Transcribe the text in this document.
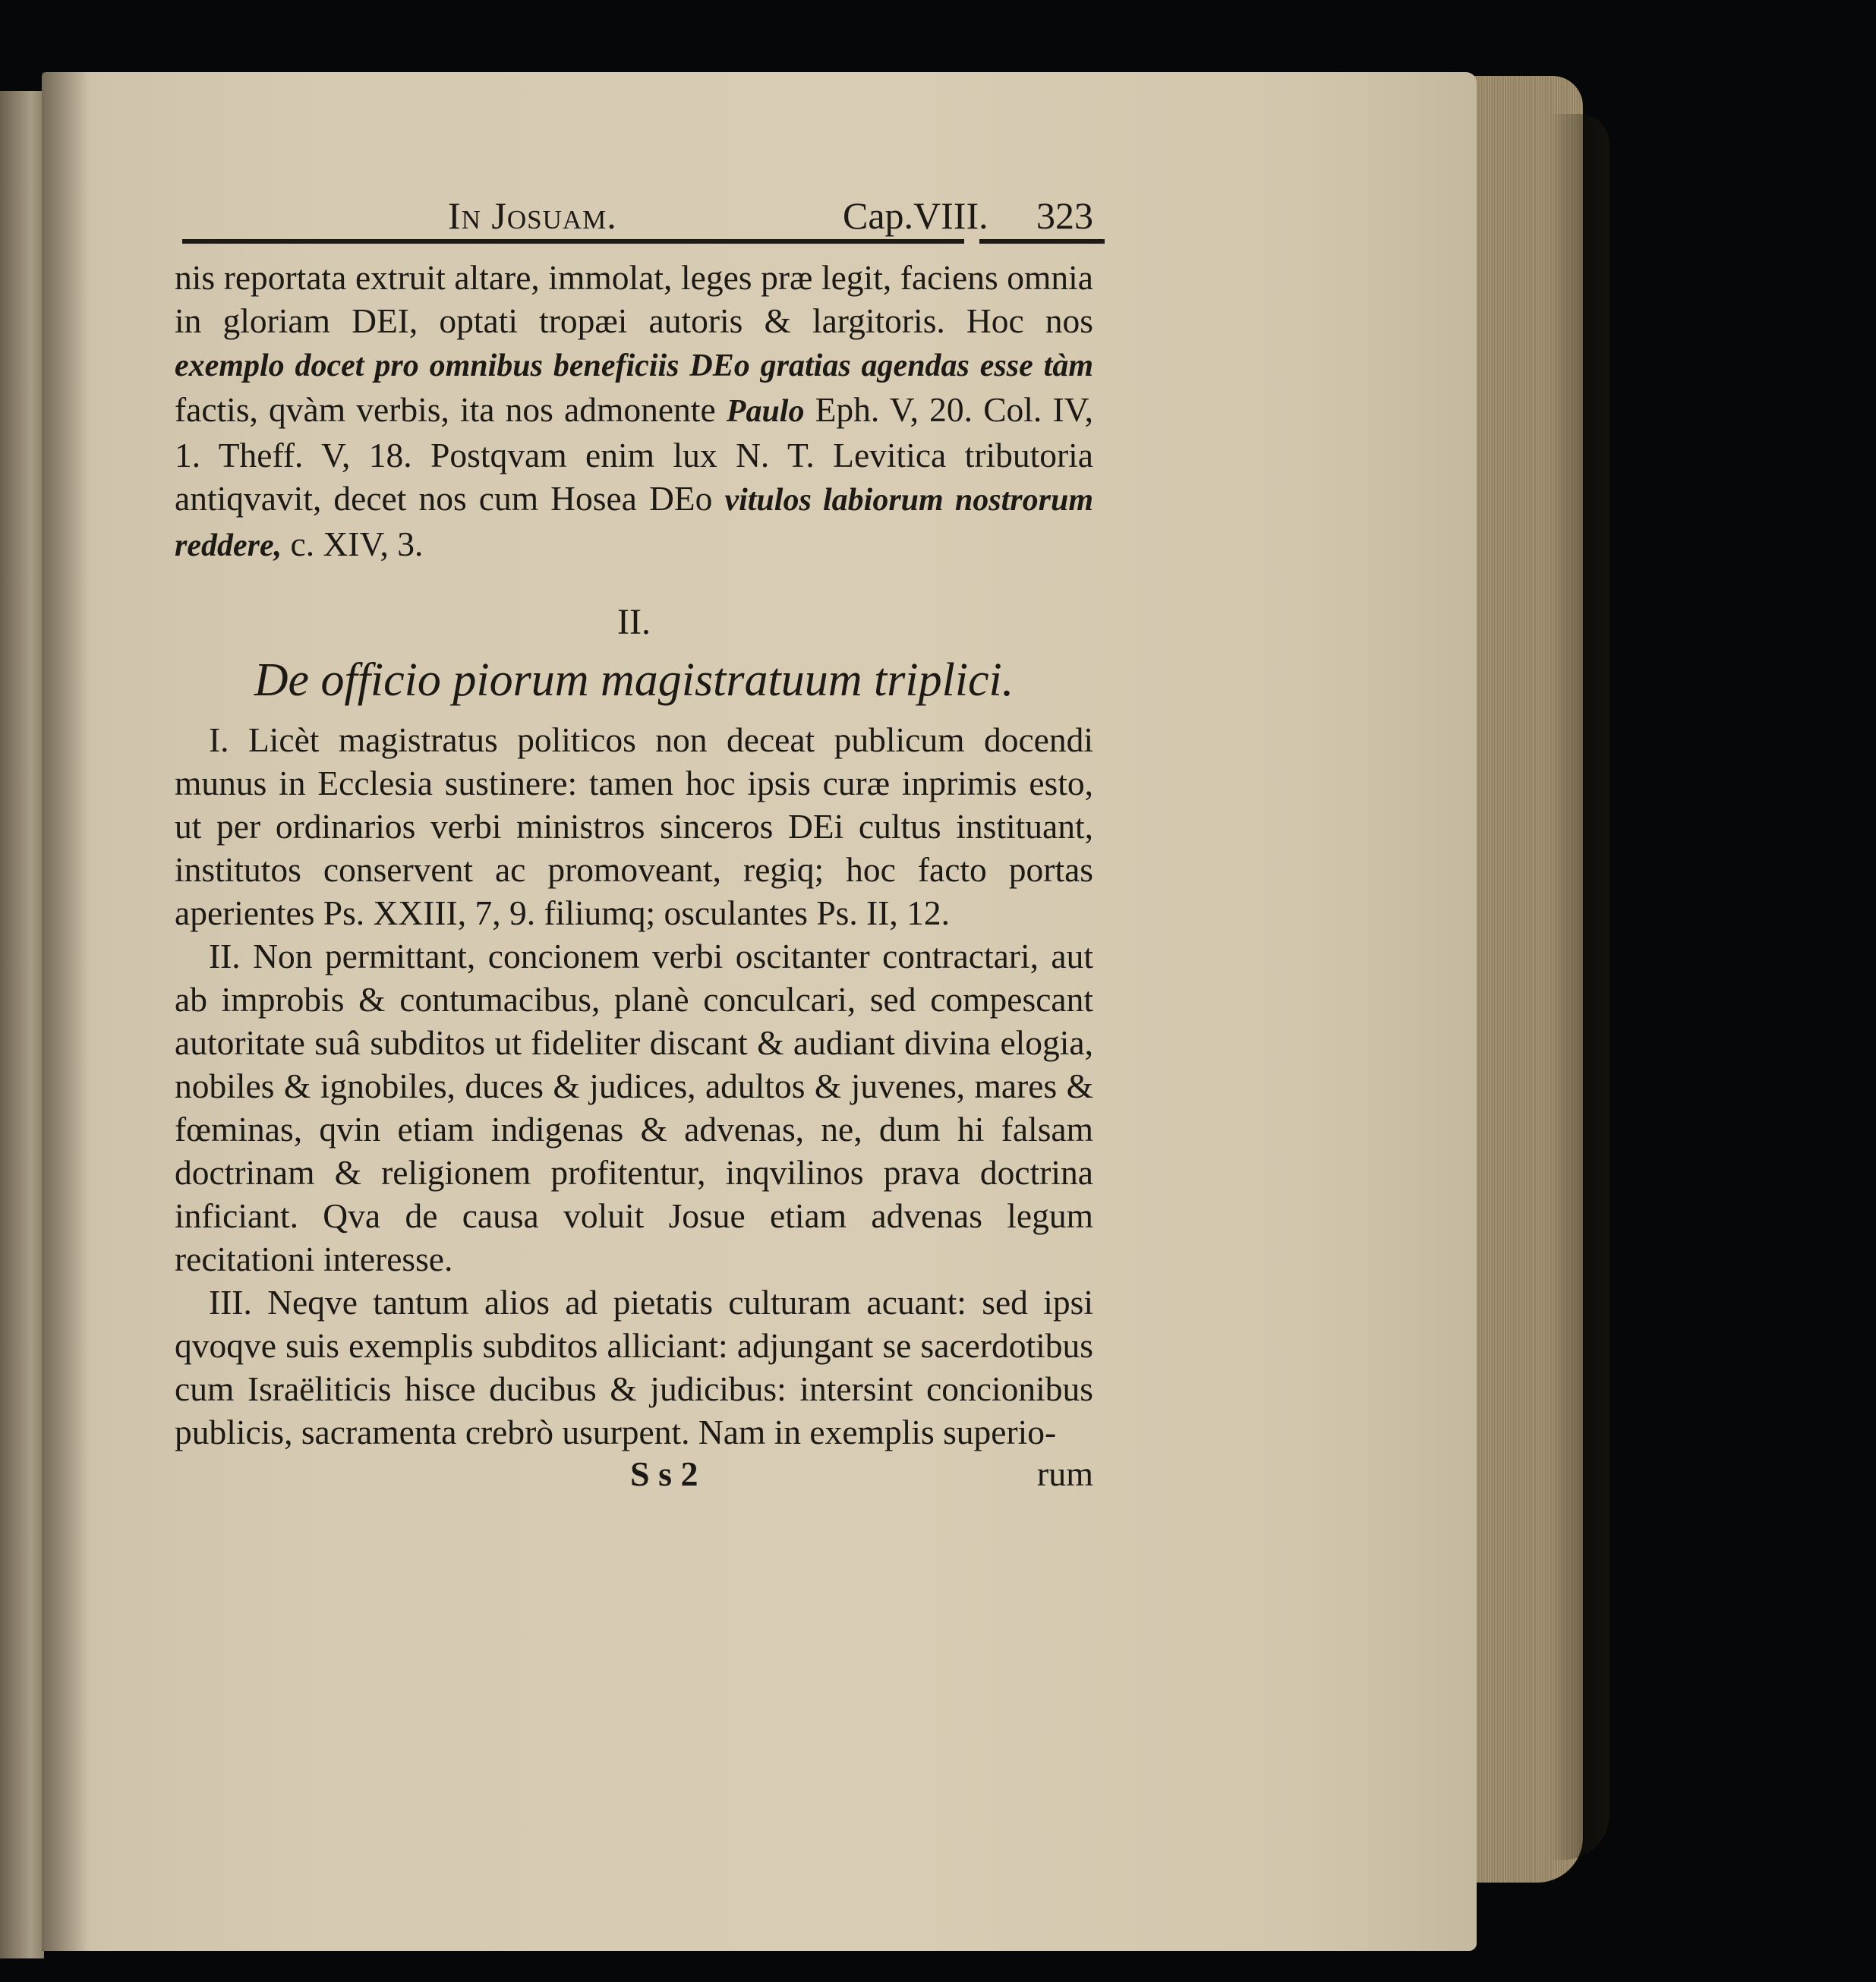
In Josuam.	Cap.VIII. 323

nis reportata extruit altare, immolat, leges præ legit, faciens omnia in gloriam DEI, optati tropæi autoris & largitoris. Hoc nos exemplo docet pro omnibus beneficiis DEo gratias agendas esse tàm factis, qvàm verbis, ita nos admonente Paulo Eph. V, 20. Col. IV, 1. Theff. V, 18. Postqvam enim lux N. T. Levitica tributoria antiqvavit, decet nos cum Hosea DEo vitulos labiorum nostrorum reddere, c. XIV, 3.

II.
De officio piorum magistratuum triplici.

I. Licèt magistratus politicos non deceat publicum docendi munus in Ecclesia sustinere: tamen hoc ipsis curæ inprimis esto, ut per ordinarios verbi ministros sinceros DEi cultus instituant, institutos conservent ac promoveant, regiq; hoc facto portas aperientes Ps. XXIII, 7, 9. filiumq; osculantes Ps. II, 12.

II. Non permittant, concionem verbi oscitanter contractari, aut ab improbis & contumacibus, planè conculcari, sed compescant autoritate suâ subditos ut fideliter discant & audiant divina elogia, nobiles & ignobiles, duces & judices, adultos & juvenes, mares & fœminas, qvin etiam indigenas & advenas, ne, dum hi falsam doctrinam & religionem profitentur, inqvilinos prava doctrina inficiant. Qva de causa voluit Josue etiam advenas legum recitationi interesse.

III. Neqve tantum alios ad pietatis culturam acuant: sed ipsi qvoqve suis exemplis subditos alliciant: adjungant se sacerdotibus cum Israëliticis hisce ducibus & judicibus: intersint concionibus publicis, sacramenta crebrò usurpent. Nam in exemplis superio-

S s 2	rum
